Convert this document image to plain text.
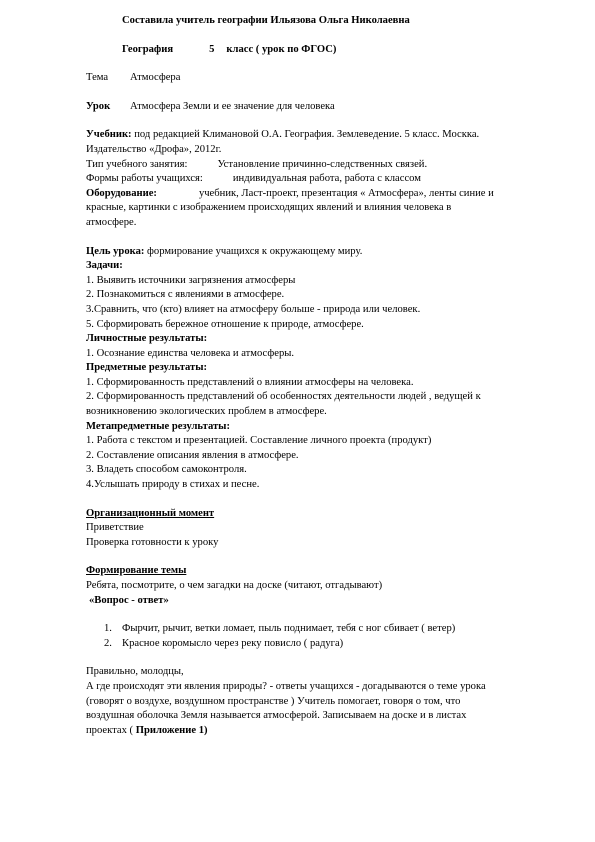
Составила учитель географии Ильязова Ольга Николаевна
География	5 класс ( урок по ФГОС)
Тема Атмосфера
Урок Атмосфера Земли и ее значение для человека
Учебник: под редакцией Климановой О.А. География. Землеведение. 5 класс. Москка.
Издательство «Дрофа», 2012г.
Тип учебного занятия:	Установление причинно-следственных связей.
Формы работы учащихся:	индивидуальная работа, работа с классом
Оборудование:	учебник, Ласт-проект, презентация « Атмосфера», ленты синие и
красные, картинки с изображением происходящих явлений и влияния человека в
атмосфере.
Цель урока: формирование учащихся к окружающему миру.
Задачи:
1. Выявить источники загрязнения атмосферы
2. Познакомиться с явлениями в атмосфере.
3.Сравнить, что (кто) влияет на атмосферу больше - природа или человек.
5. Сформировать бережное отношение к природе, атмосфере.
Личностные результаты:
1. Осознание единства человека и атмосферы.
Предметные результаты:
1. Сформированность представлений о влиянии атмосферы на человека.
2. Сформированность представлений об особенностях деятельности людей , ведущей к
возникновению экологических проблем в атмосфере.
Метапредметные результаты:
1. Работа с текстом и презентацией. Составление личного проекта (продукт)
2. Составление описания явления в атмосфере.
3. Владеть способом самоконтроля.
4.Услышать природу в стихах и песне.
Организационный момент
Приветствие
Проверка готовности к уроку
Формирование темы
Ребята, посмотрите, о чем загадки на доске (читают, отгадывают)
«Вопрос - ответ»
1. Фырчит, рычит, ветки ломает, пыль поднимает, тебя с ног сбивает ( ветер)
2. Красное коромысло через реку повисло ( радуга)
Правильно, молодцы,
А где происходят эти явления природы? - ответы учащихся - догадываются о теме урока
(говорят о воздухе, воздушном пространстве ) Учитель помогает, говоря о том, что
воздушная оболочка Земля называется атмосферой. Записываем на доске и в листах
проектах ( Приложение 1)
